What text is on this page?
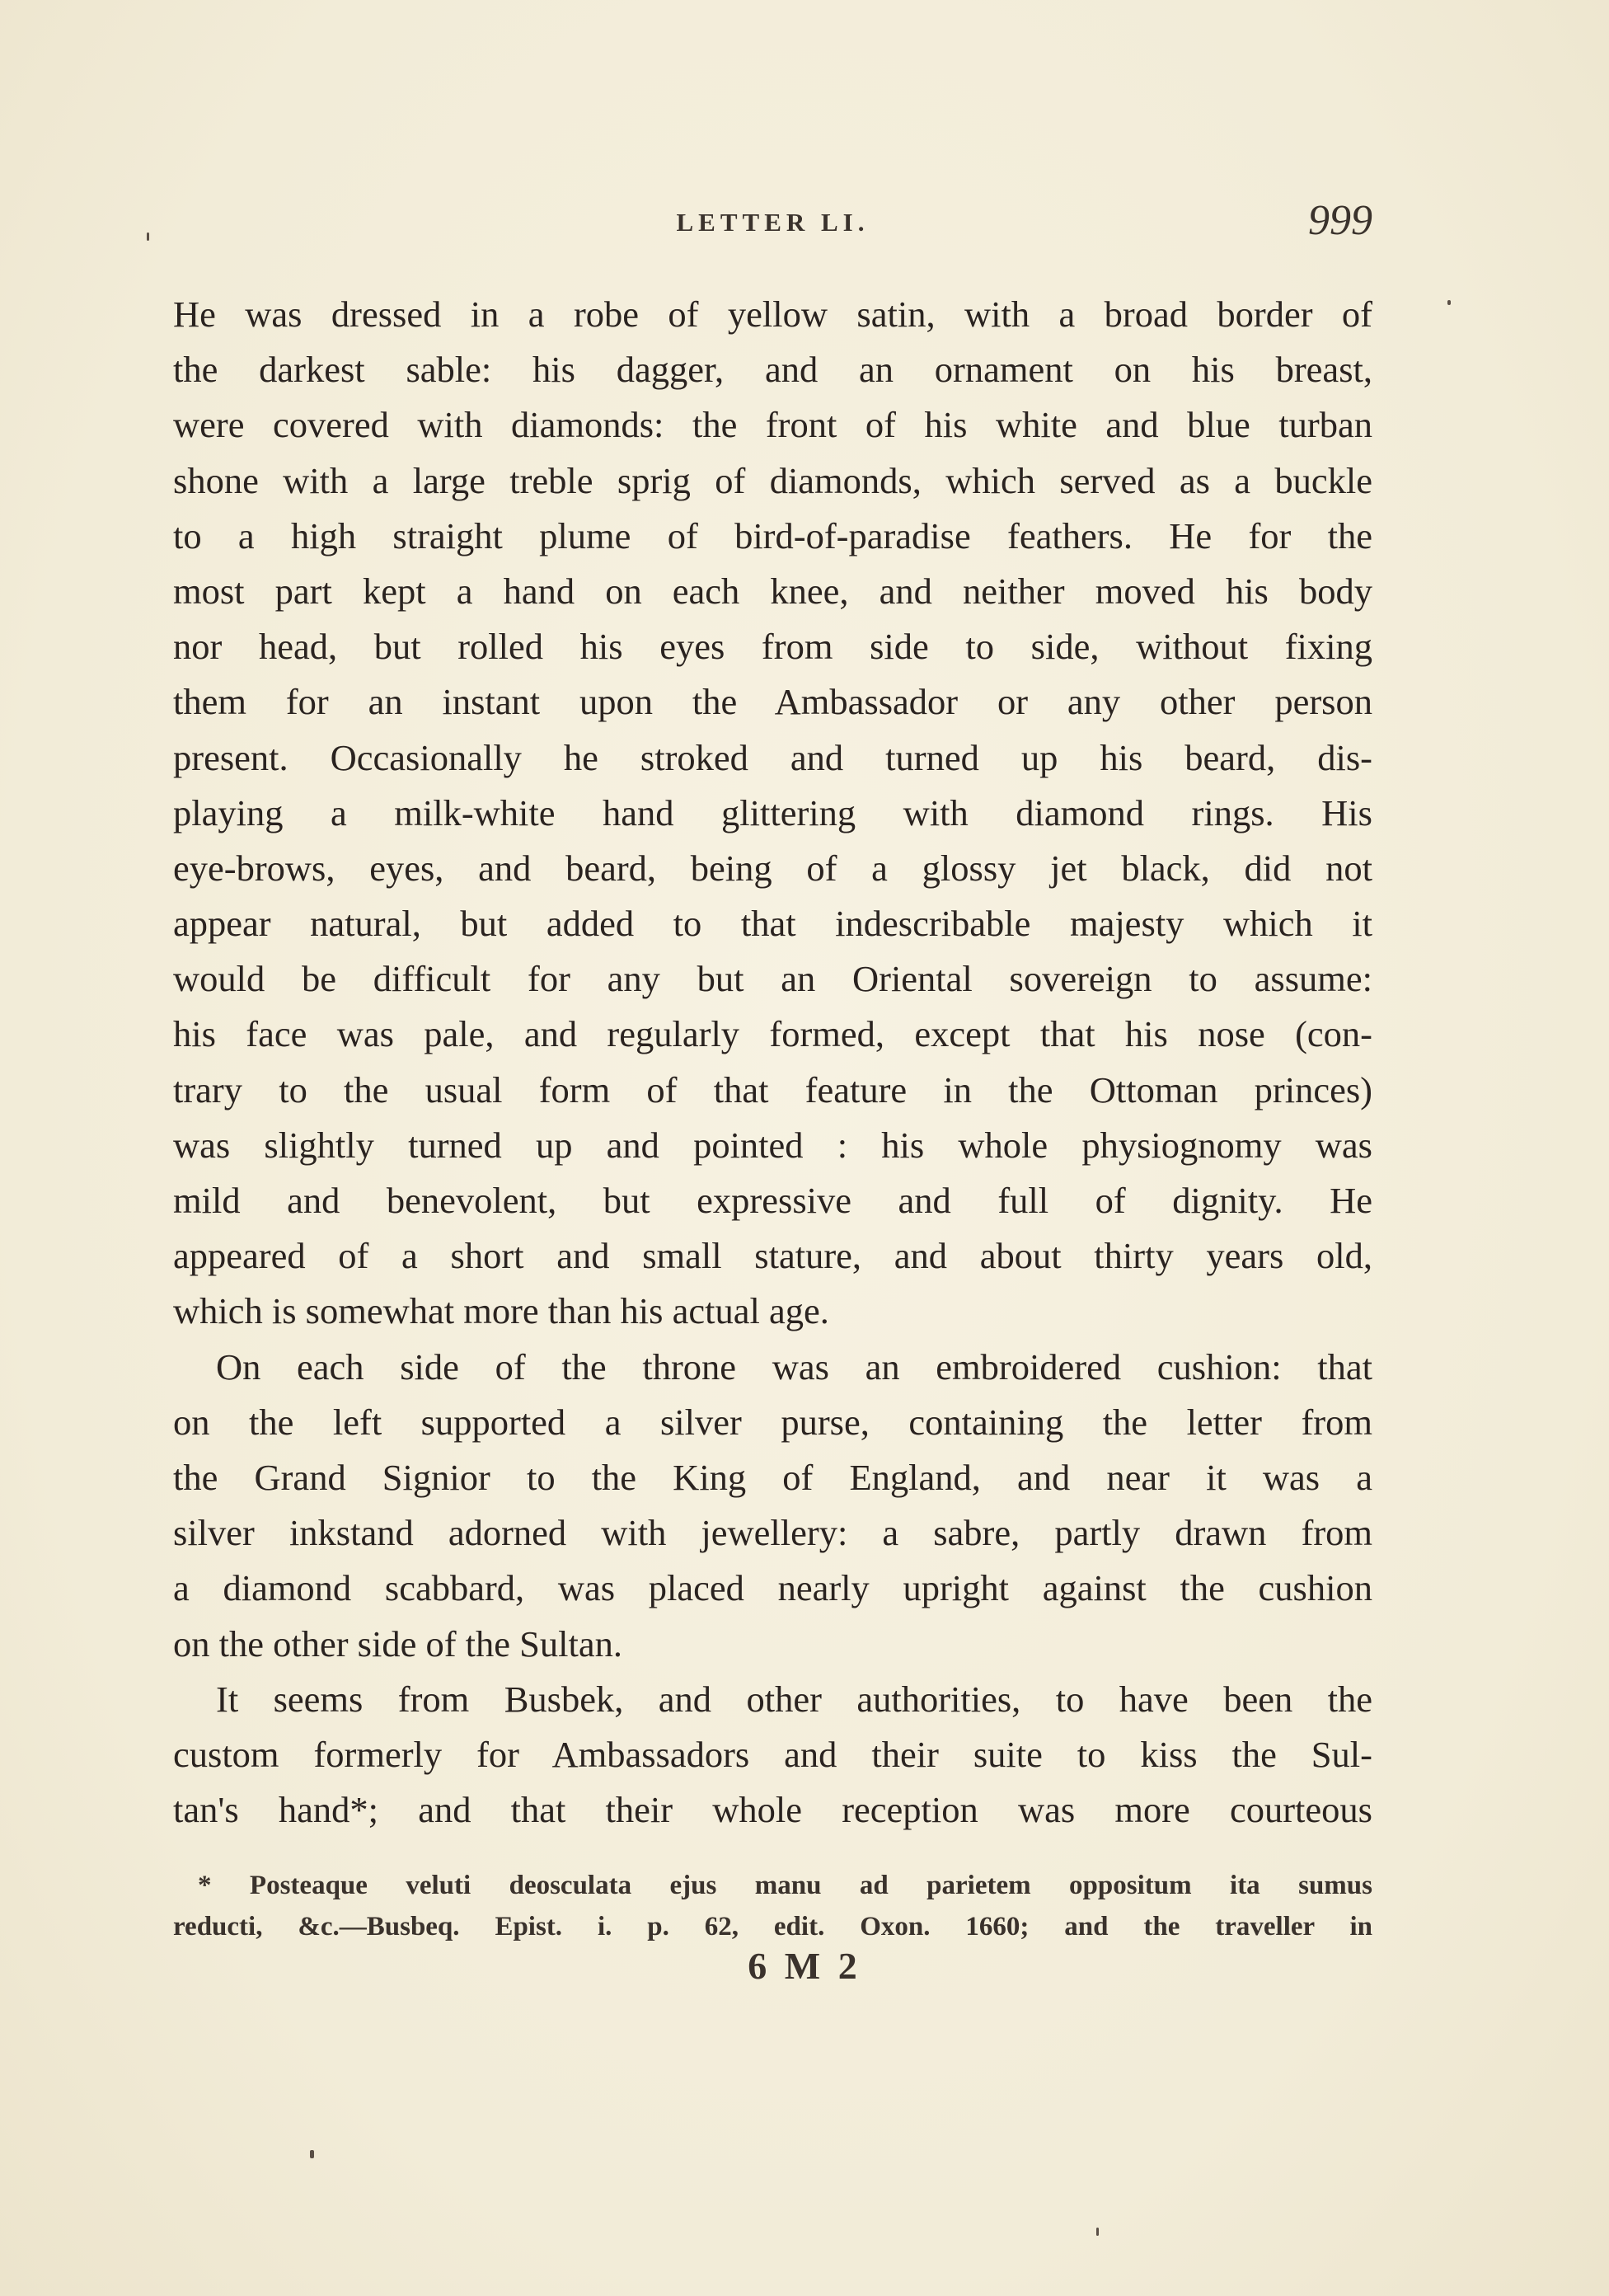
LETTER LI.	999
He was dressed in a robe of yellow satin, with a broad border of
the darkest sable: his dagger, and an ornament on his breast,
were covered with diamonds: the front of his white and blue turban
shone with a large treble sprig of diamonds, which served as a buckle
to a high straight plume of bird-of-paradise feathers. He for the
most part kept a hand on each knee, and neither moved his body
nor head, but rolled his eyes from side to side, without fixing
them for an instant upon the Ambassador or any other person
present. Occasionally he stroked and turned up his beard, dis-
playing a milk-white hand glittering with diamond rings. His
eye-brows, eyes, and beard, being of a glossy jet black, did not
appear natural, but added to that indescribable majesty which it
would be difficult for any but an Oriental sovereign to assume:
his face was pale, and regularly formed, except that his nose (con-
trary to the usual form of that feature in the Ottoman princes)
was slightly turned up and pointed : his whole physiognomy was
mild and benevolent, but expressive and full of dignity. He
appeared of a short and small stature, and about thirty years old,
which is somewhat more than his actual age.
On each side of the throne was an embroidered cushion: that
on the left supported a silver purse, containing the letter from
the Grand Signior to the King of England, and near it was a
silver inkstand adorned with jewellery: a sabre, partly drawn from
a diamond scabbard, was placed nearly upright against the cushion
on the other side of the Sultan.
It seems from Busbek, and other authorities, to have been the
custom formerly for Ambassadors and their suite to kiss the Sul-
tan's hand*; and that their whole reception was more courteous
* Posteaque veluti deosculata ejus manu ad parietem oppositum ita sumus
reducti, &c.—Busbeq. Epist. i. p. 62, edit. Oxon. 1660; and the traveller in
6 M 2
